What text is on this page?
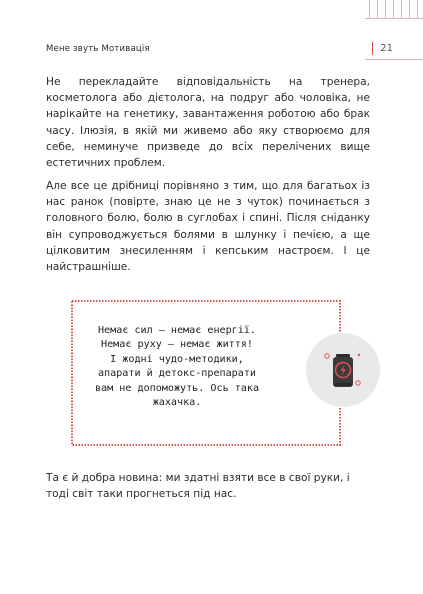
Мене звуть Мотивація	21

Не перекладайте відповідальність на тренера, косметолога або дієтолога, на подруг або чоловіка, не нарікайте на генетику, завантаження роботою або брак часу. Ілюзія, в якій ми живемо або яку створюємо для себе, неминуче призведе до всіх перелічених вище естетичних проблем.

Але все це дрібниці порівняно з тим, що для багатьох із нас ранок (повірте, знаю це не з чуток) починається з головного болю, болю в суглобах і спині. Після сніданку він супроводжується болями в шлунку і печією, а ще цілковитим знесиленням і кепським настроєм. І це найстрашніше.

Немає сил – немає енергії.
Немає руху – немає життя!
І жодні чудо-методики,
апарати й детокс-препарати
вам не допоможуть. Ось така
жахачка.

Та є й добра новина: ми здатні взяти все в свої руки, і тоді світ таки прогнеться під нас.
